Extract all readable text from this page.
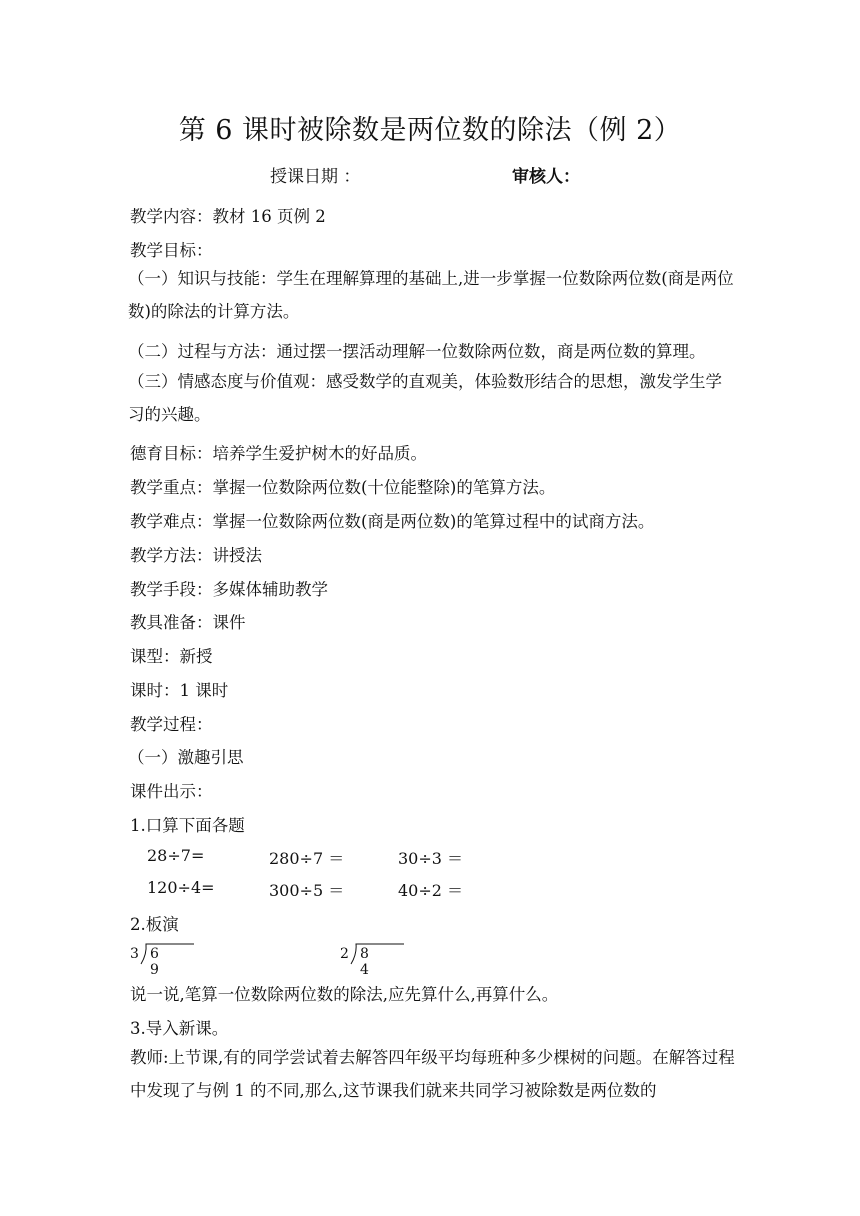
第 6 课时被除数是两位数的除法（例 2）
授课日期 ：	审核人：
教学内容：教材 16 页例 2
教学目标：
（一）知识与技能：学生在理解算理的基础上,进一步掌握一位数除两位数(商是两位数)的除法的计算方法。
（二）过程与方法：通过摆一摆活动理解一位数除两位数，商是两位数的算理。
（三）情感态度与价值观：感受数学的直观美，体验数形结合的思想，激发学生学习的兴趣。
德育目标：培养学生爱护树木的好品质。
教学重点：掌握一位数除两位数(十位能整除)的笔算方法。
教学难点：掌握一位数除两位数(商是两位数)的笔算过程中的试商方法。
教学方法：讲授法
教学手段：多媒体辅助教学
教具准备：课件
课型：新授
课时：1 课时
教学过程：
（一）激趣引思
课件出示：
1.口算下面各题
28÷7=	280÷7 ＝	30÷3 ＝
120÷4=	300÷5 ＝	40÷2 ＝
2.板演
3 6 9
2 8 4
说一说,笔算一位数除两位数的除法,应先算什么,再算什么。
3.导入新课。
教师:上节课,有的同学尝试着去解答四年级平均每班种多少棵树的问题。在解答过程中发现了与例 1 的不同,那么,这节课我们就来共同学习被除数是两位数的
